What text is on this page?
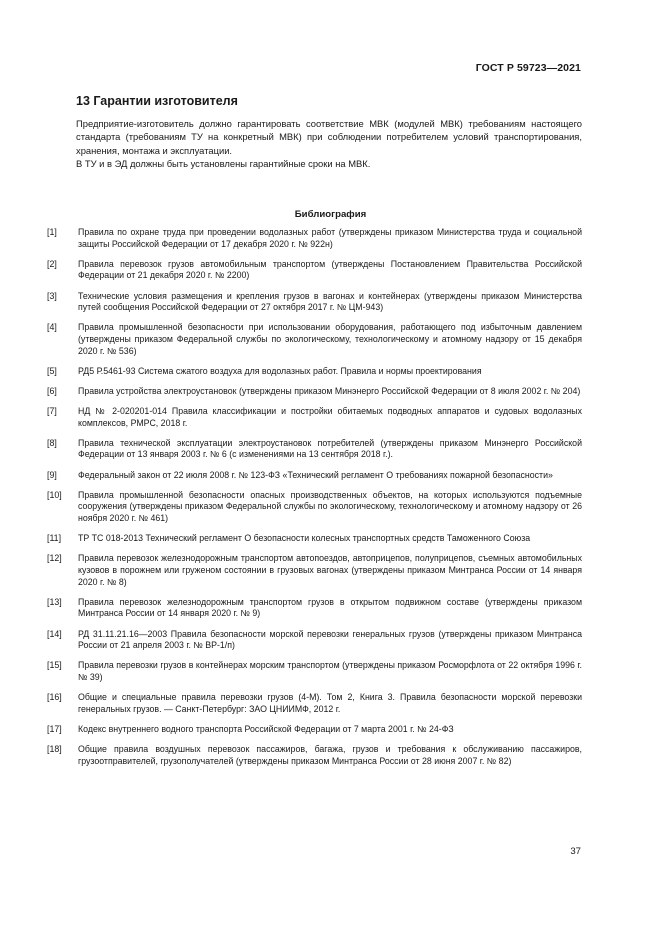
ГОСТ Р 59723—2021
13 Гарантии изготовителя

Предприятие-изготовитель должно гарантировать соответствие МВК (модулей МВК) требованиям настоящего стандарта (требованиям ТУ на конкретный МВК) при соблюдении потребителем условий транспортирования, хранения, монтажа и эксплуатации.

В ТУ и в ЭД должны быть установлены гарантийные сроки на МВК.

Библиография
[1]	Правила по охране труда при проведении водолазных работ (утверждены приказом Министерства труда и социальной защиты Российской Федерации от 17 декабря 2020 г. № 922н)
[2]	Правила перевозок грузов автомобильным транспортом (утверждены Постановлением Правительства Российской Федерации от 21 декабря 2020 г. № 2200)
[3]	Технические условия размещения и крепления грузов в вагонах и контейнерах (утверждены приказом Министерства путей сообщения Российской Федерации от 27 октября 2017 г. № ЦМ-943)
[4]	Правила промышленной безопасности при использовании оборудования, работающего под избыточным давлением (утверждены приказом Федеральной службы по экологическому, технологическому и атомному надзору от 15 декабря 2020 г. № 536)
[5]	РД5 Р.5461-93 Система сжатого воздуха для водолазных работ. Правила и нормы проектирования
[6]	Правила устройства электроустановок (утверждены приказом Минэнерго Российской Федерации от 8 июля 2002 г. № 204)
[7]	НД № 2-020201-014 Правила классификации и постройки обитаемых подводных аппаратов и судовых водолазных комплексов, РМРС, 2018 г.
[8]	Правила технической эксплуатации электроустановок потребителей (утверждены приказом Минэнерго Российской Федерации от 13 января 2003 г. № 6 (с изменениями на 13 сентября 2018 г.).
[9]	Федеральный закон от 22 июля 2008 г. № 123-ФЗ «Технический регламент О требованиях пожарной безопасности»
[10]	Правила промышленной безопасности опасных производственных объектов, на которых используются подъемные сооружения (утверждены приказом Федеральной службы по экологическому, технологическому и атомному надзору от 26 ноября 2020 г. № 461)
[11]	ТР ТС 018-2013 Технический регламент О безопасности колесных транспортных средств Таможенного Союза
[12]	Правила перевозок железнодорожным транспортом автопоездов, автоприцепов, полуприцепов, съемных автомобильных кузовов в порожнем или груженом состоянии в грузовых вагонах (утверждены приказом Минтранса России от 14 января 2020 г. № 8)
[13]	Правила перевозок железнодорожным транспортом грузов в открытом подвижном составе (утверждены приказом Минтранса России от 14 января 2020 г. № 9)
[14]	РД 31.11.21.16—2003 Правила безопасности морской перевозки генеральных грузов (утверждены приказом Минтранса России от 21 апреля 2003 г. № ВР-1/п)
[15]	Правила перевозки грузов в контейнерах морским транспортом (утверждены приказом Росморфлота от 22 октября 1996 г. № 39)
[16]	Общие и специальные правила перевозки грузов (4-М). Том 2, Книга 3. Правила безопасности морской перевозки генеральных грузов. — Санкт-Петербург: ЗАО ЦНИИМФ, 2012 г.
[17]	Кодекс внутреннего водного транспорта Российской Федерации от 7 марта 2001 г. № 24-ФЗ
[18]	Общие правила воздушных перевозок пассажиров, багажа, грузов и требования к обслуживанию пассажиров, грузоотправителей, грузополучателей (утверждены приказом Минтранса России от 28 июня 2007 г. № 82)
37
